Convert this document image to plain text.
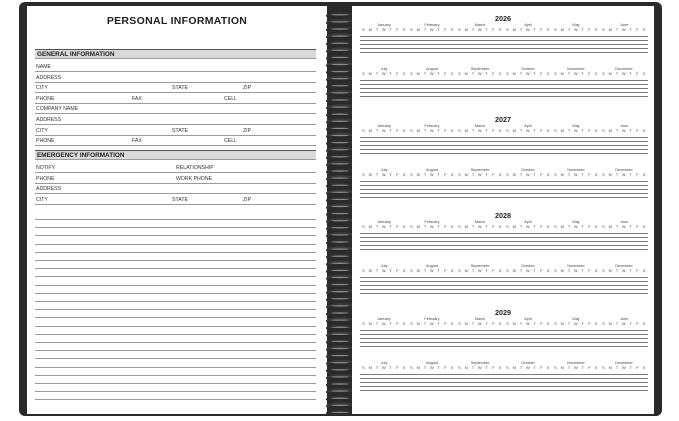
PERSONAL INFORMATION
GENERAL INFORMATION
NAME
ADDRESS
CITY	STATE	ZIP
PHONE	FAX	CELL
COMPANY NAME
ADDRESS
CITY	STATE	ZIP
PHONE	FAX	CELL
EMERGENCY INFORMATION
NOTIFY	RELATIONSHIP
PHONE	WORK PHONE
ADDRESS
CITY	STATE	ZIP
2026
2027
2028
2029
January
S M T W T F S
February
S M T W T F S
March
S M T W T F S
April
S M T W T F S
May
S M T W T F S
June
S M T W T F S
July
S M T W T F S
August
S M T W T F S
September
S M T W T F S
October
S M T W T F S
November
S M T W T F S
December
S M T W T F S
January
S M T W T F S
February
S M T W T F S
March
S M T W T F S
April
S M T W T F S
May
S M T W T F S
June
S M T W T F S
July
S M T W T F S
August
S M T W T F S
September
S M T W T F S
October
S M T W T F S
November
S M T W T F S
December
S M T W T F S
January
S M T W T F S
February
S M T W T F S
March
S M T W T F S
April
S M T W T F S
May
S M T W T F S
June
S M T W T F S
July
S M T W T F S
August
S M T W T F S
September
S M T W T F S
October
S M T W T F S
November
S M T W T F S
December
S M T W T F S
January
S M T W T F S
February
S M T W T F S
March
S M T W T F S
April
S M T W T F S
May
S M T W T F S
June
S M T W T F S
July
S M T W T F S
August
S M T W T F S
September
S M T W T F S
October
S M T W T F S
November
S M T W T F S
December
S M T W T F S
